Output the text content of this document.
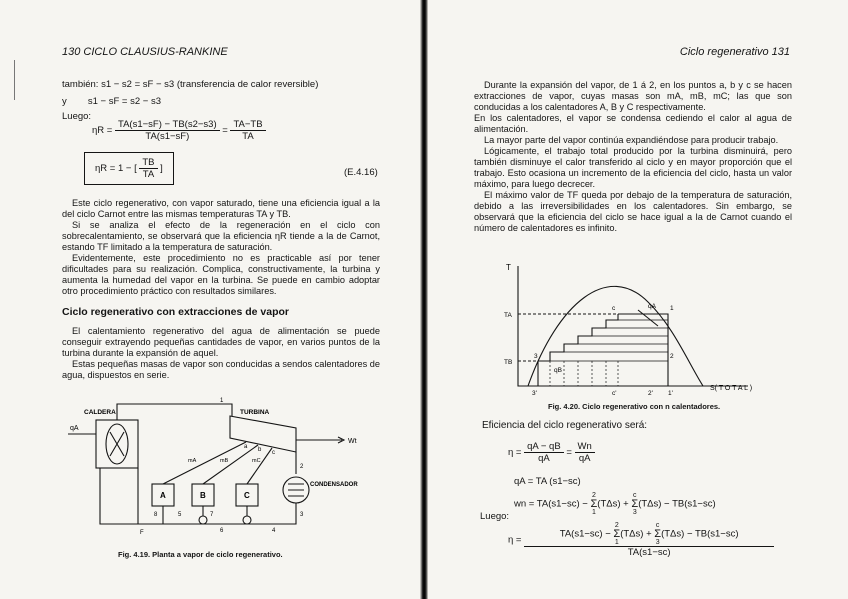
130 CICLO CLAUSIUS-RANKINE
también: s1 − s2 = sF − s3 (transferencia de calor reversible)
y        s1 − sF = s2 − s3
Luego:
$\eta R = \frac{TA(s1-sF) - TB(s2-s3)}{TA(s1-sF)} = \frac{TA-TB}{TA}$
ηR = 1 − [ $\frac{TB}{TA}$ ]	(E.4.16)

Este ciclo regenerativo, con vapor saturado, tiene una eficiencia igual a la del ciclo Carnot entre las mismas temperaturas TA y TB.

Si se analiza el efecto de la regeneración en el ciclo con sobrecalentamiento, se observará que la eficiencia ηR tiende a la de Carnot, estando TF limitado a la temperatura de saturación.

Evidentemente, este procedimiento no es practicable así por tener dificultades para su realización. Complica, constructivamente, la turbina y aumenta la humedad del vapor en la turbina. Se puede en cambio adoptar otro procedimiento práctico con resultados similares.

Ciclo regenerativo con extracciones de vapor

El calentamiento regenerativo del agua de alimentación se puede conseguir extrayendo pequeñas cantidades de vapor, en varios puntos de la turbina durante la expansión de aquel.

Estas pequeñas masas de vapor son conducidas a sendos calentadores de agua, dispuestos en serie.

CALDERA
qA
TURBINA
Wt
CONDENSADOR
1
2
3
4
a b c
A	B	C
mA	mB	mC
5
6
7
8
F
Fig. 4.19. Planta a vapor de ciclo regenerativo.
Ciclo regenerativo 131

Durante la expansión del vapor, de 1 á 2, en los puntos a, b y c se hacen extracciones de vapor, cuyas masas son mA, mB, mC; las que son conducidas a los calentadores A, B y C respectivamente.

En los calentadores, el vapor se condensa cediendo el calor al agua de alimentación.

La mayor parte del vapor continúa expandiéndose para producir trabajo.

Lógicamente, el trabajo total producido por la turbina disminuirá, pero también disminuye el calor transferido al ciclo y en mayor proporción que el trabajo. Esto ocasiona un incremento de la eficiencia del ciclo, hasta un valor máximo, para luego decrecer.

El máximo valor de TF queda por debajo de la temperatura de saturación, debido a las irreversibilidades en los calentadores. Sin embargo, se observará que la eficiencia del ciclo se hace igual a la de Carnot cuando el número de calentadores es infinito.

T
TA
TB
S( T O T A L )
qA
qB
c	1
2
3
3'	c'	2' 1'
Fig. 4.20. Ciclo regenerativo con n calentadores.
Eficiencia del ciclo regenerativo será:
$\eta = \frac{qA - qB}{qA} = \frac{Wn}{qA}$
qA = TA (s1−sc)
wn = TA(s1−sc) − 2
Σ
1(TΔs) + c
Σ
3(TΔs) − TB(s1−sc)
Luego:
η = TA(s1−sc) − 2
Σ
1(TΔs) + c
Σ
3(TΔs) − TB(s1−sc)
TA(s1−sc)
